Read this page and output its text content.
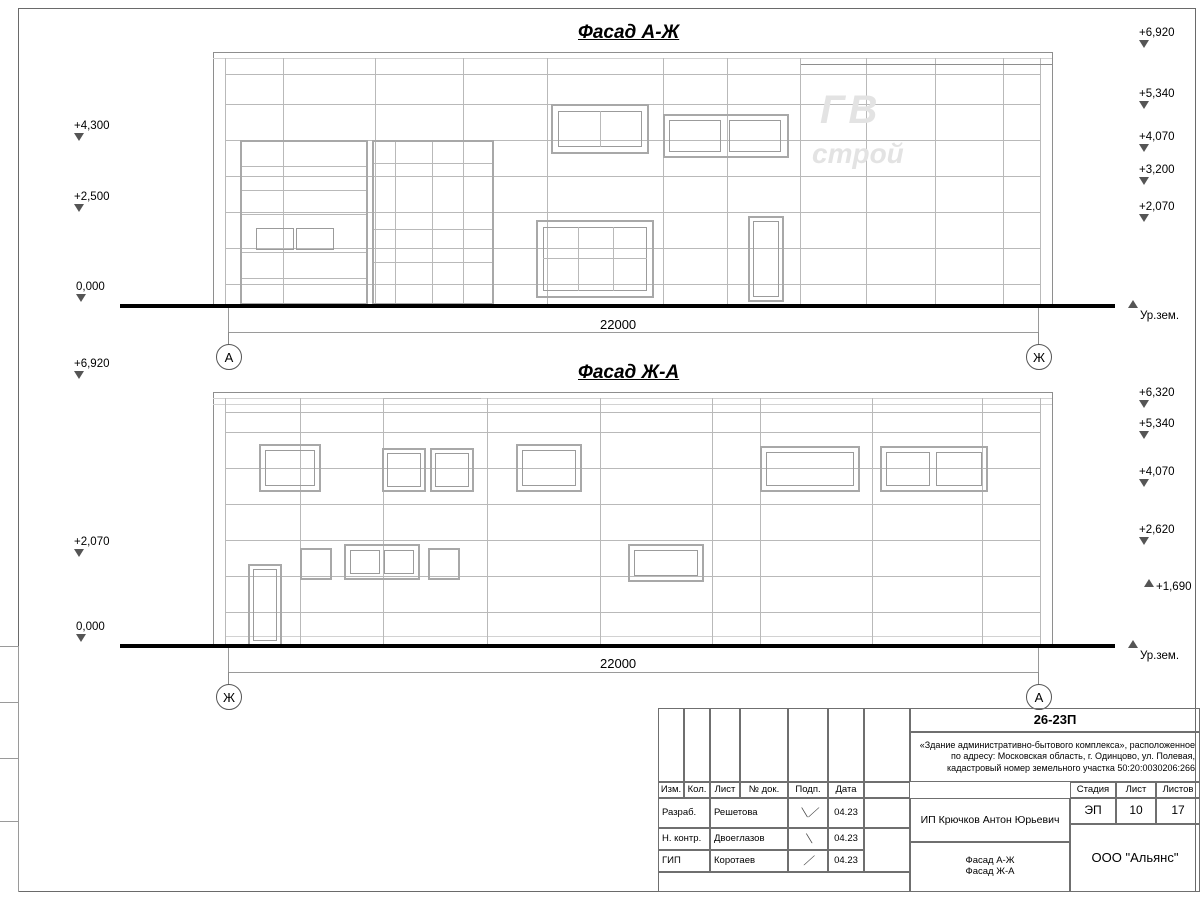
Фасад А-Ж
ГВ
строй
+4,300
+2,500
0,000
+6,920
+5,340
+4,070
+3,200
+2,070
Ур.зем.
22000
А	Ж
Фасад Ж-А
+6,920
+2,070
0,000
+6,320
+5,340
+4,070
+2,620
+1,690
Ур.зем.
22000
Ж	А
26-23П
«Здание административно-бытового комплекса», расположенное по адресу: Московская область, г. Одинцово, ул. Полевая, кадастровый номер земельного участка 50:20:0030206:266
Изм. Кол. Лист	№ док.	Подп.	Дата
Разраб.	Решетова	⟍⟋	04.23
Н. контр.	Двоеглазов	⟍	04.23
ГИП	Коротаев	⟋	04.23
ИП Крючков Антон Юрьевич
Стадия	Лист	Листов
ЭП	10	17
Фасад А-Ж
Фасад Ж-А
ООО "Альянс"
